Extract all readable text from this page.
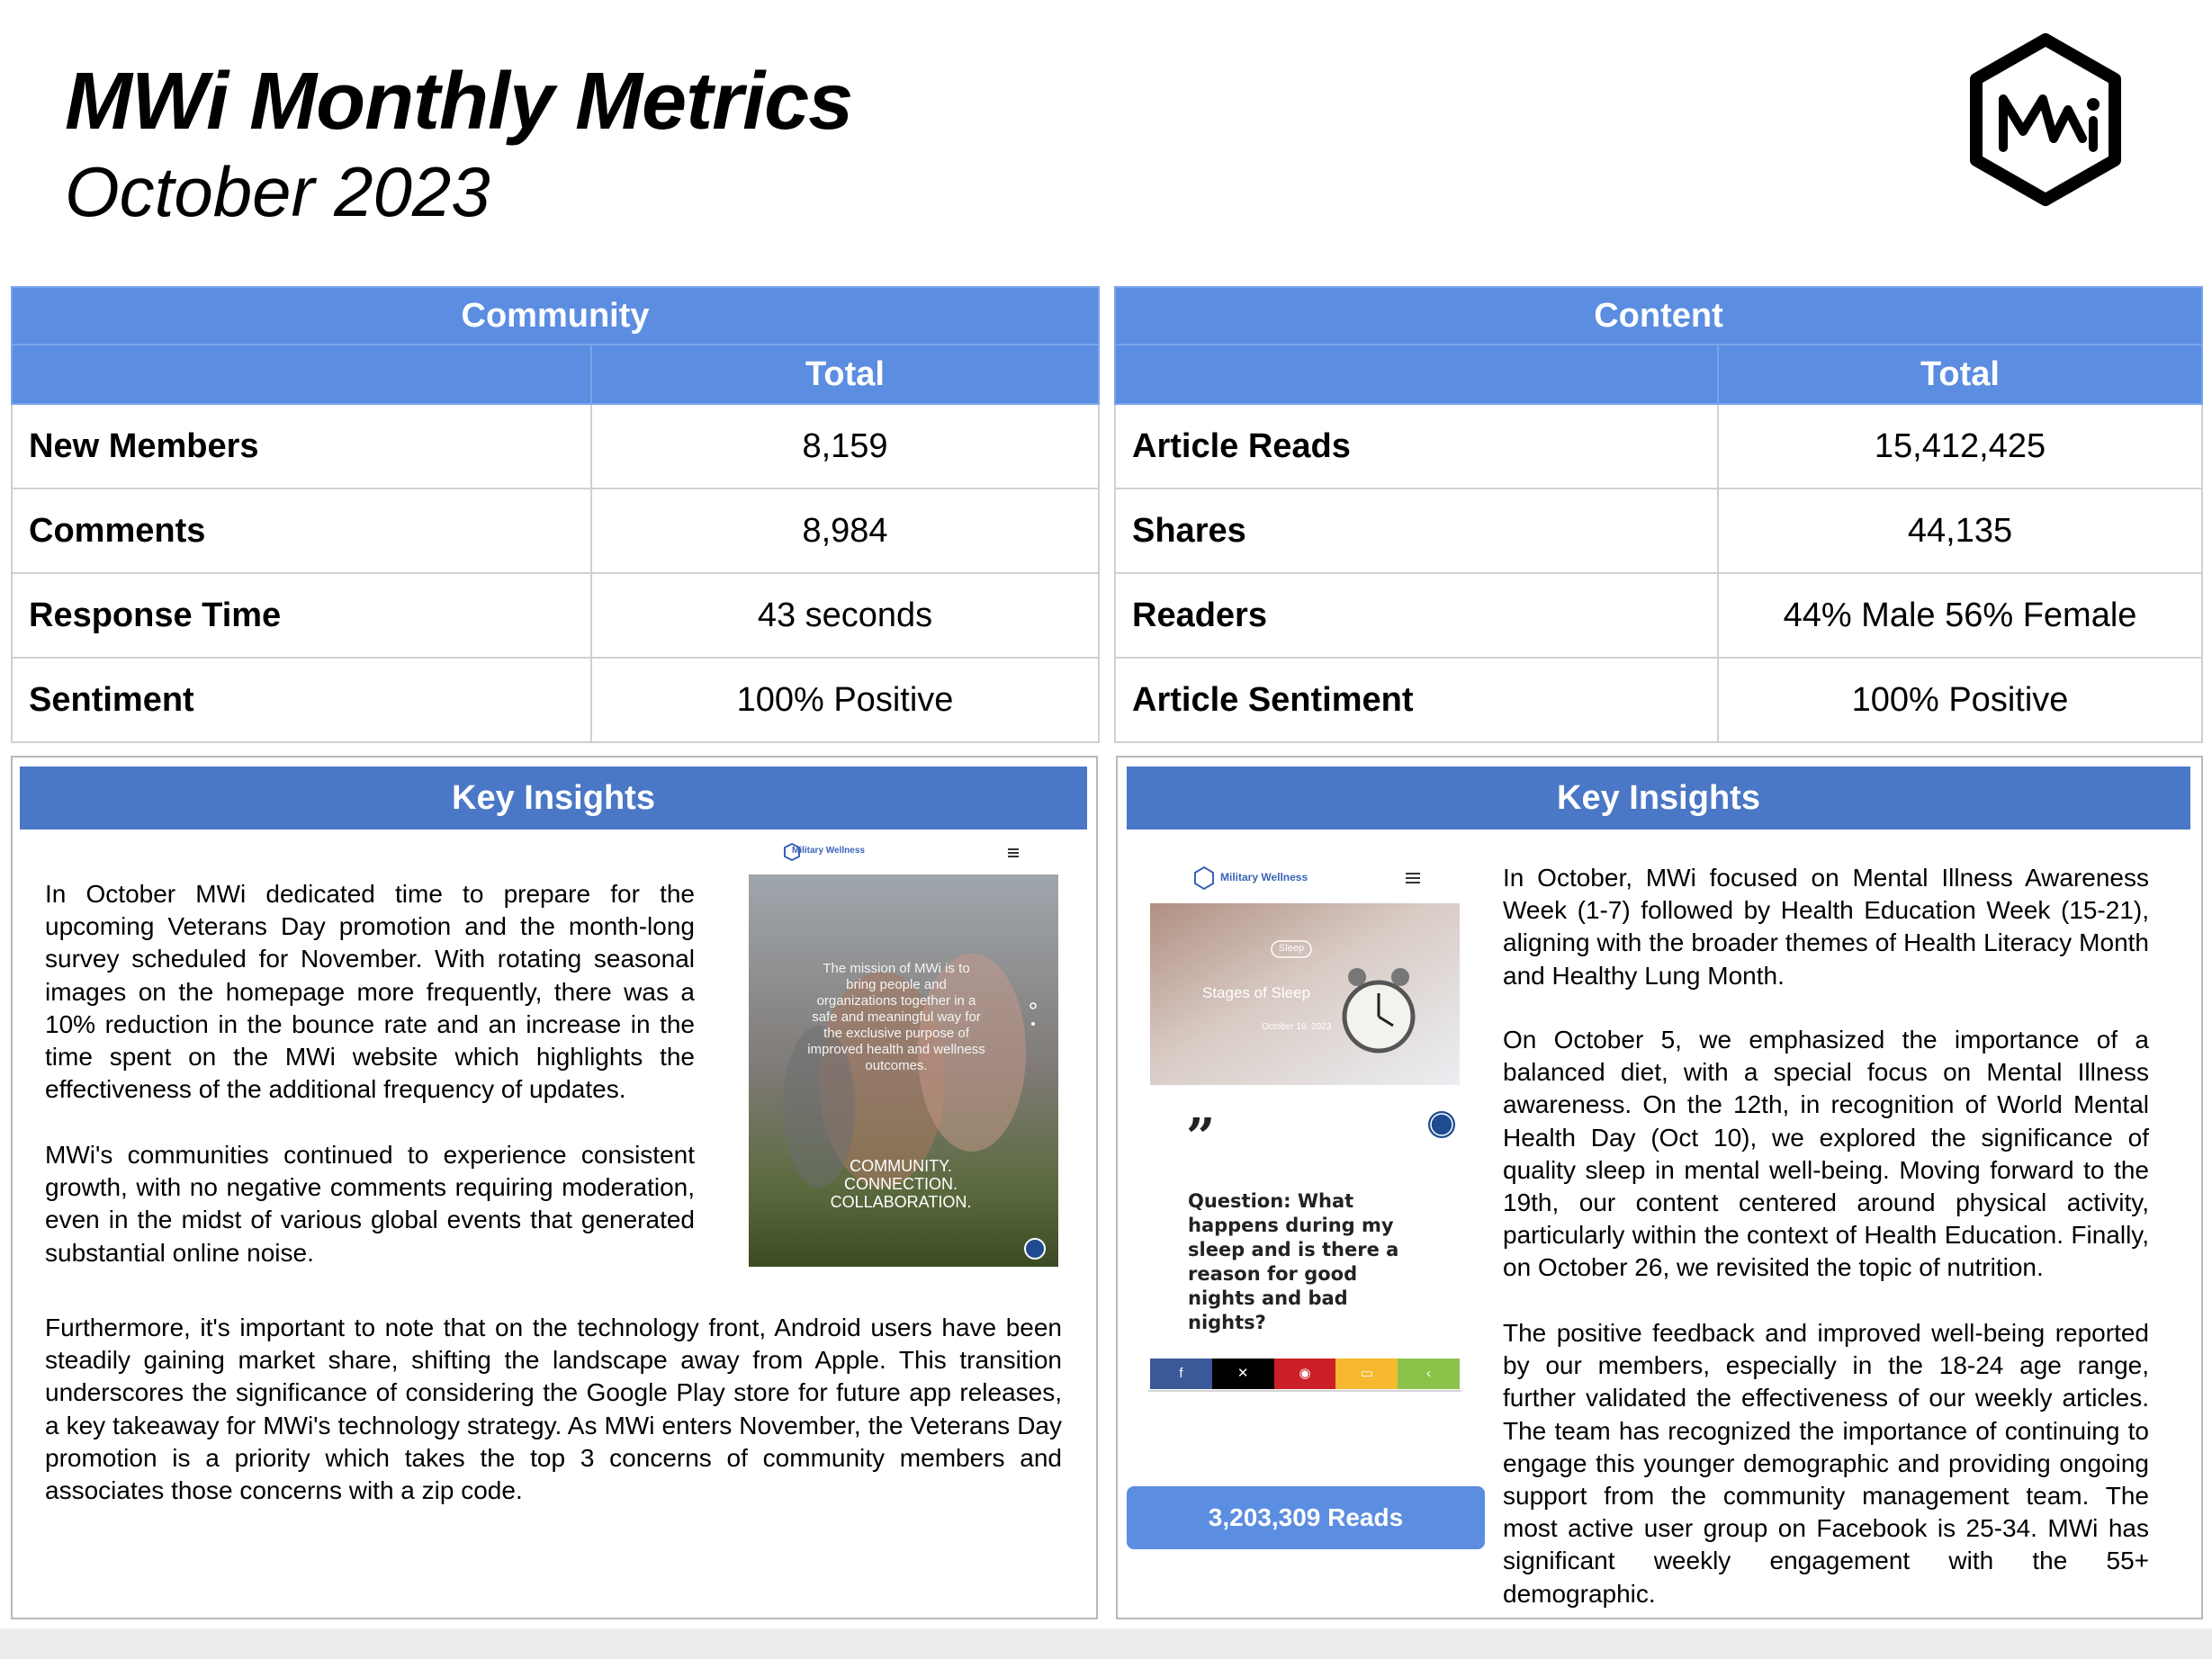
MWi Monthly Metrics
October 2023
Community	
	Total
New Members	8,159
Comments	8,984
Response Time	43 seconds
Sentiment	100% Positive
Content	
	Total
Article Reads	15,412,425
Shares	44,135
Readers	44% Male 56% Female
Article Sentiment	100% Positive
Key Insights
In October MWi dedicated time to prepare for the upcoming Veterans Day promotion and the month-long survey scheduled for November. With rotating seasonal images on the homepage more frequently, there was a 10% reduction in the bounce rate and an increase in the time spent on the MWi website which highlights the effectiveness of the additional frequency of updates.
MWi's communities continued to experience consistent growth, with no negative comments requiring moderation, even in the midst of various global events that generated substantial online noise.
Furthermore, it's important to note that on the technology front, Android users have been steadily gaining market share, shifting the landscape away from Apple. This transition underscores the significance of considering the Google Play store for future app releases, a key takeaway for MWi's technology strategy. As MWi enters November, the Veterans Day promotion is a priority which takes the top 3 concerns of community members and associates those concerns with a zip code.
Military Wellness
The mission of MWi is to bring people and organizations together in a safe and meaningful way for the exclusive purpose of improved health and wellness outcomes.
COMMUNITY.
CONNECTION.
COLLABORATION.
Key Insights
In October, MWi focused on Mental Illness Awareness Week (1-7) followed by Health Education Week (15-21), aligning with the broader themes of Health Literacy Month and Healthy Lung Month.
On October 5, we emphasized the importance of a balanced diet, with a special focus on Mental Illness awareness. On the 12th, in recognition of World Mental Health Day (Oct 10), we explored the significance of quality sleep in mental well-being. Moving forward to the 19th, our content centered around physical activity, particularly within the context of Health Education. Finally, on October 26, we revisited the topic of nutrition.
The positive feedback and improved well-being reported by our members, especially in the 18-24 age range, further validated the effectiveness of our weekly articles. The team has recognized the importance of continuing to engage this younger demographic and providing ongoing support from the community management team. The most active user group on Facebook is 25-34. MWi has significant weekly engagement with the 55+ demographic.
Military Wellness
Sleep
Stages of Sleep
October 19, 2023
”
Question: What happens during my sleep and is there a reason for good nights and bad nights?
f	✕	◉	▭	‹
3,203,309 Reads
